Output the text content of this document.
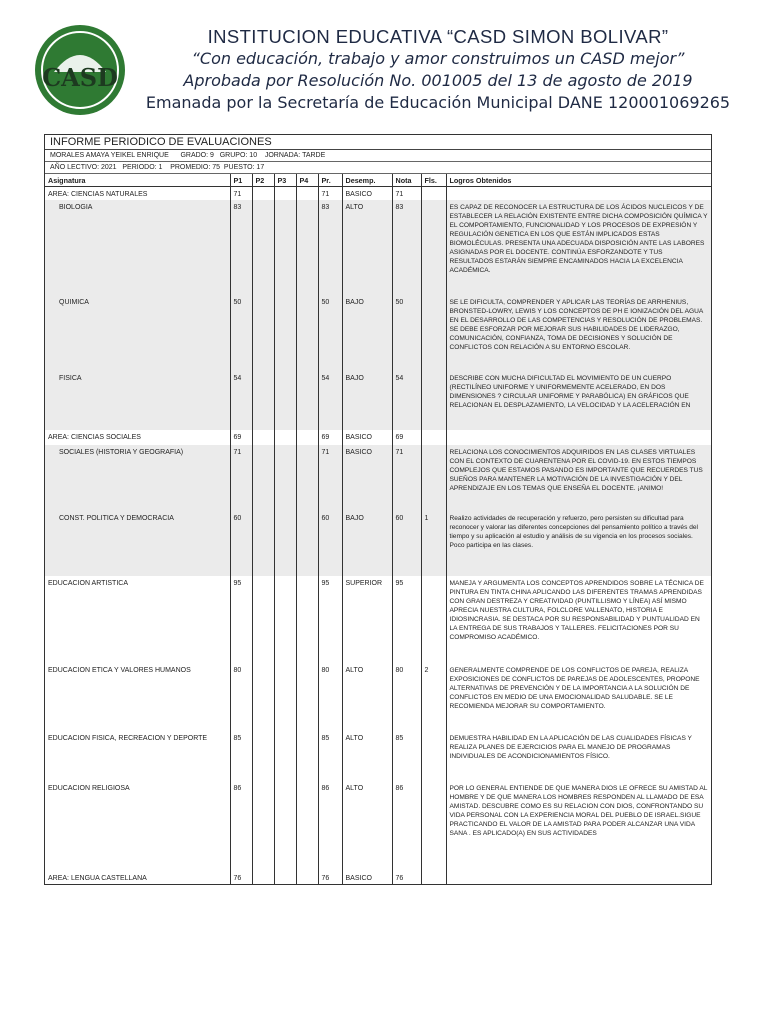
CASD
INSTITUCION EDUCATIVA “CASD SIMON BOLIVAR”
“Con educación, trabajo y amor construimos un CASD mejor”
Aprobada por Resolución No. 001005 del 13 de agosto de 2019
Emanada por la Secretaría de Educación Municipal DANE 120001069265
INFORME PERIODICO DE EVALUACIONES
MORALES AMAYA YEIKEL ENRIQUE      GRADO: 9   GRUPO: 10    JORNADA: TARDE
AÑO LECTIVO: 2021   PERIODO: 1    PROMEDIO: 75  PUESTO: 17
Asignatura	P1	P2	P3	P4	Pr.	Desemp.	Nota	Fls.	Logros Obtenidos
AREA: CIENCIAS NATURALES	71				71	BASICO	71		
BIOLOGIA	83				83	ALTO	83		ES CAPAZ DE RECONOCER LA ESTRUCTURA DE LOS ÁCIDOS NUCLEICOS Y DE ESTABLECER LA RELACIÓN EXISTENTE ENTRE DICHA COMPOSICIÓN QUÍMICA Y EL COMPORTAMIENTO, FUNCIONALIDAD Y LOS PROCESOS DE EXPRESIÓN Y REGULACIÓN GENETICA EN LOS QUE ESTÁN IMPLICADOS ESTAS BIOMOLÉCULAS. PRESENTA UNA ADECUADA DISPOSICIÓN ANTE LAS LABORES ASIGNADAS POR EL DOCENTE. CONTINÚA ESFORZANDOTE Y TUS RESULTADOS ESTARÁN SIEMPRE ENCAMINADOS HACIA LA EXCELENCIA ACADÉMICA.
QUIMICA	50				50	BAJO	50		SE LE DIFICULTA, COMPRENDER Y APLICAR LAS TEORÍAS DE ARRHENIUS, BRONSTED-LOWRY, LEWIS Y LOS CONCEPTOS DE PH E IONIZACIÓN DEL AGUA EN EL DESARROLLO DE LAS COMPETENCIAS Y RESOLUCIÓN DE PROBLEMAS. SE DEBE ESFORZAR POR MEJORAR SUS HABILIDADES DE LIDERAZGO, COMUNICACIÓN, CONFIANZA, TOMA DE DECISIONES Y SOLUCIÓN DE CONFLICTOS CON RELACIÓN A SU ENTORNO ESCOLAR.
FISICA	54				54	BAJO	54		DESCRIBE CON MUCHA DIFICULTAD EL MOVIMIENTO DE UN CUERPO (RECTILÍNEO UNIFORME Y UNIFORMEMENTE ACELERADO, EN DOS DIMENSIONES ? CIRCULAR UNIFORME Y PARABÓLICA) EN GRÁFICOS QUE RELACIONAN EL DESPLAZAMIENTO, LA VELOCIDAD Y LA ACELERACIÓN EN
AREA: CIENCIAS SOCIALES	69				69	BASICO	69		
SOCIALES (HISTORIA Y GEOGRAFIA)	71				71	BASICO	71		RELACIONA LOS CONOCIMIENTOS ADQUIRIDOS EN LAS CLASES VIRTUALES CON EL CONTEXTO DE CUARENTENA POR EL COVID-19. EN ESTOS TIEMPOS COMPLEJOS QUE ESTAMOS PASANDO ES IMPORTANTE QUE RECUERDES TUS SUEÑOS PARA MANTENER LA MOTIVACIÓN DE LA INVESTIGACIÓN Y DEL APRENDIZAJE EN LOS TEMAS QUE ENSEÑA EL DOCENTE. ¡ANIMO!
CONST. POLITICA Y DEMOCRACIA	60				60	BAJO	60	1	Realizo actividades de recuperación y refuerzo, pero persisten su dificultad para reconocer y valorar las diferentes concepciones del pensamiento político a través del tiempo y su aplicación al estudio y análisis de su vigencia en los procesos sociales. Poco participa en las clases.
EDUCACION ARTISTICA	95				95	SUPERIOR	95		MANEJA Y ARGUMENTA LOS CONCEPTOS APRENDIDOS SOBRE LA TÉCNICA DE PINTURA EN TINTA CHINA APLICANDO LAS DIFERENTES TRAMAS APRENDIDAS CON GRAN DESTREZA Y CREATIVIDAD (PUNTILLISMO Y LÍNEA) ASÍ MISMO APRECIA NUESTRA CULTURA, FOLCLORE VALLENATO, HISTORIA E IDIOSINCRASIA. SE DESTACA POR SU RESPONSABILIDAD Y PUNTUALIDAD EN LA ENTREGA DE SUS TRABAJOS Y TALLERES. FELICITACIONES POR SU COMPROMISO ACADÉMICO.
EDUCACION ETICA Y VALORES HUMANOS	80				80	ALTO	80	2	GENERALMENTE COMPRENDE DE LOS CONFLICTOS DE PAREJA, REALIZA EXPOSICIONES DE CONFLICTOS DE PAREJAS DE ADOLESCENTES, PROPONE ALTERNATIVAS DE PREVENCIÓN Y DE LA IMPORTANCIA A LA SOLUCIÓN DE CONFLICTOS EN MEDIO DE UNA EMOCIONALIDAD SALUDABLE. SE LE RECOMIENDA MEJORAR SU COMPORTAMIENTO.
EDUCACION FISICA, RECREACION Y DEPORTE	85				85	ALTO	85		DEMUESTRA HABILIDAD EN LA APLICACIÓN DE LAS CUALIDADES FÍSICAS Y REALIZA PLANES DE EJERCICIOS PARA EL MANEJO DE PROGRAMAS INDIVIDUALES DE ACONDICIONAMIENTOS FÍSICO.
EDUCACION RELIGIOSA	86				86	ALTO	86		POR LO GENERAL ENTIENDE DE QUE MANERA DIOS LE OFRECE SU AMISTAD AL HOMBRE Y DE QUE MANERA LOS HOMBRES RESPONDEN AL LLAMADO DE ESA AMISTAD. DESCUBRE COMO ES SU RELACION CON DIOS, CONFRONTANDO SU VIDA PERSONAL CON LA EXPERIENCIA MORAL DEL PUEBLO DE ISRAEL.SIGUE PRACTICANDO EL VALOR DE LA AMISTAD PARA PODER ALCANZAR UNA VIDA SANA . ES APLICADO(A) EN SUS ACTIVIDADES
AREA: LENGUA CASTELLANA	76				76	BASICO	76		
